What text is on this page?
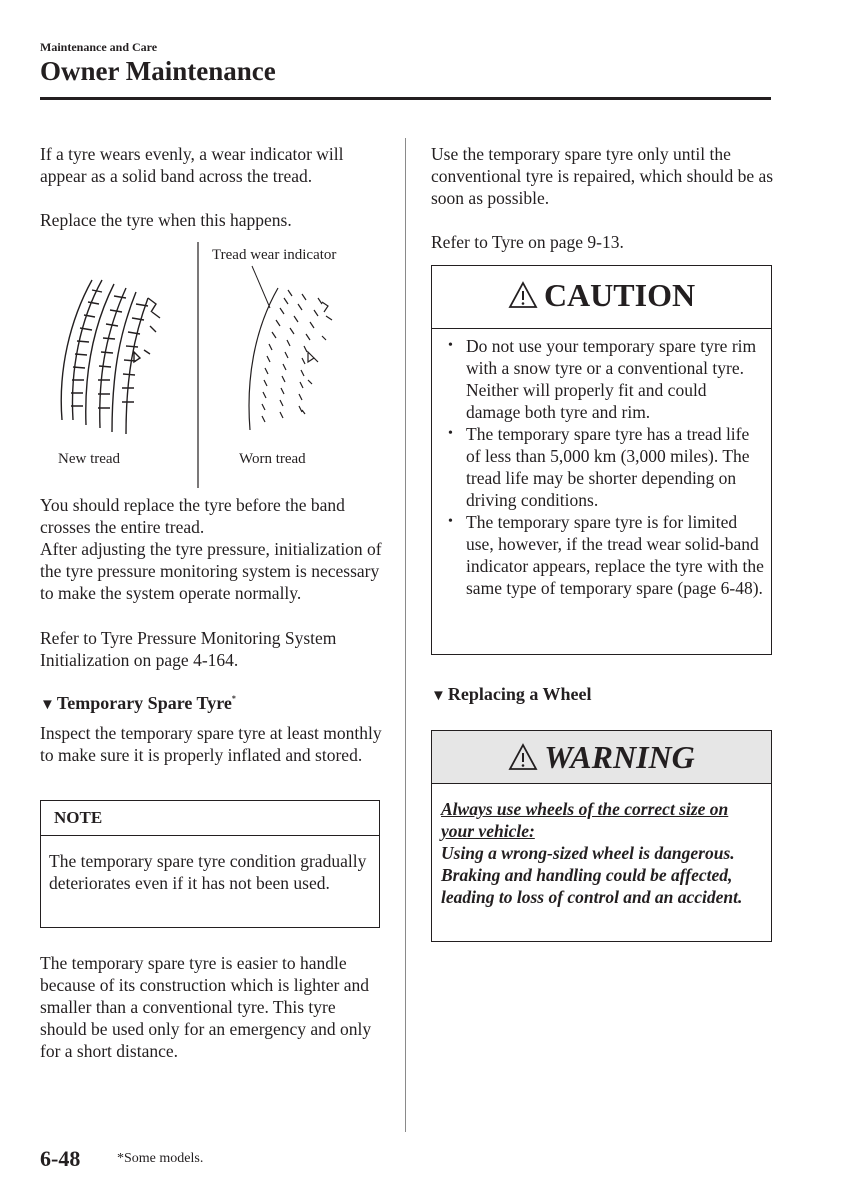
Maintenance and Care
Owner Maintenance

If a tyre wears evenly, a wear indicator will appear as a solid band across the tread.

Replace the tyre when this happens.

Tread wear indicator
New tread	Worn tread

You should replace the tyre before the band crosses the entire tread.

After adjusting the tyre pressure, initialization of the tyre pressure monitoring system is necessary to make the system operate normally.

Refer to Tyre Pressure Monitoring System Initialization on page 4-164.

▼ Temporary Spare Tyre*

Inspect the temporary spare tyre at least monthly to make sure it is properly inflated and stored.

NOTE
The temporary spare tyre condition gradually deteriorates even if it has not been used.

The temporary spare tyre is easier to handle because of its construction which is lighter and smaller than a conventional tyre. This tyre should be used only for an emergency and only for a short distance.

Use the temporary spare tyre only until the conventional tyre is repaired, which should be as soon as possible.

Refer to Tyre on page 9-13.

CAUTION
• Do not use your temporary spare tyre rim with a snow tyre or a conventional tyre. Neither will properly fit and could damage both tyre and rim.
• The temporary spare tyre has a tread life of less than 5,000 km (3,000 miles). The tread life may be shorter depending on driving conditions.
• The temporary spare tyre is for limited use, however, if the tread wear solid-band indicator appears, replace the tyre with the same type of temporary spare (page 6-48).
▼ Replacing a Wheel
WARNING
Always use wheels of the correct size on your vehicle:
Using a wrong-sized wheel is dangerous. Braking and handling could be affected, leading to loss of control and an accident.
6-48	*Some models.
